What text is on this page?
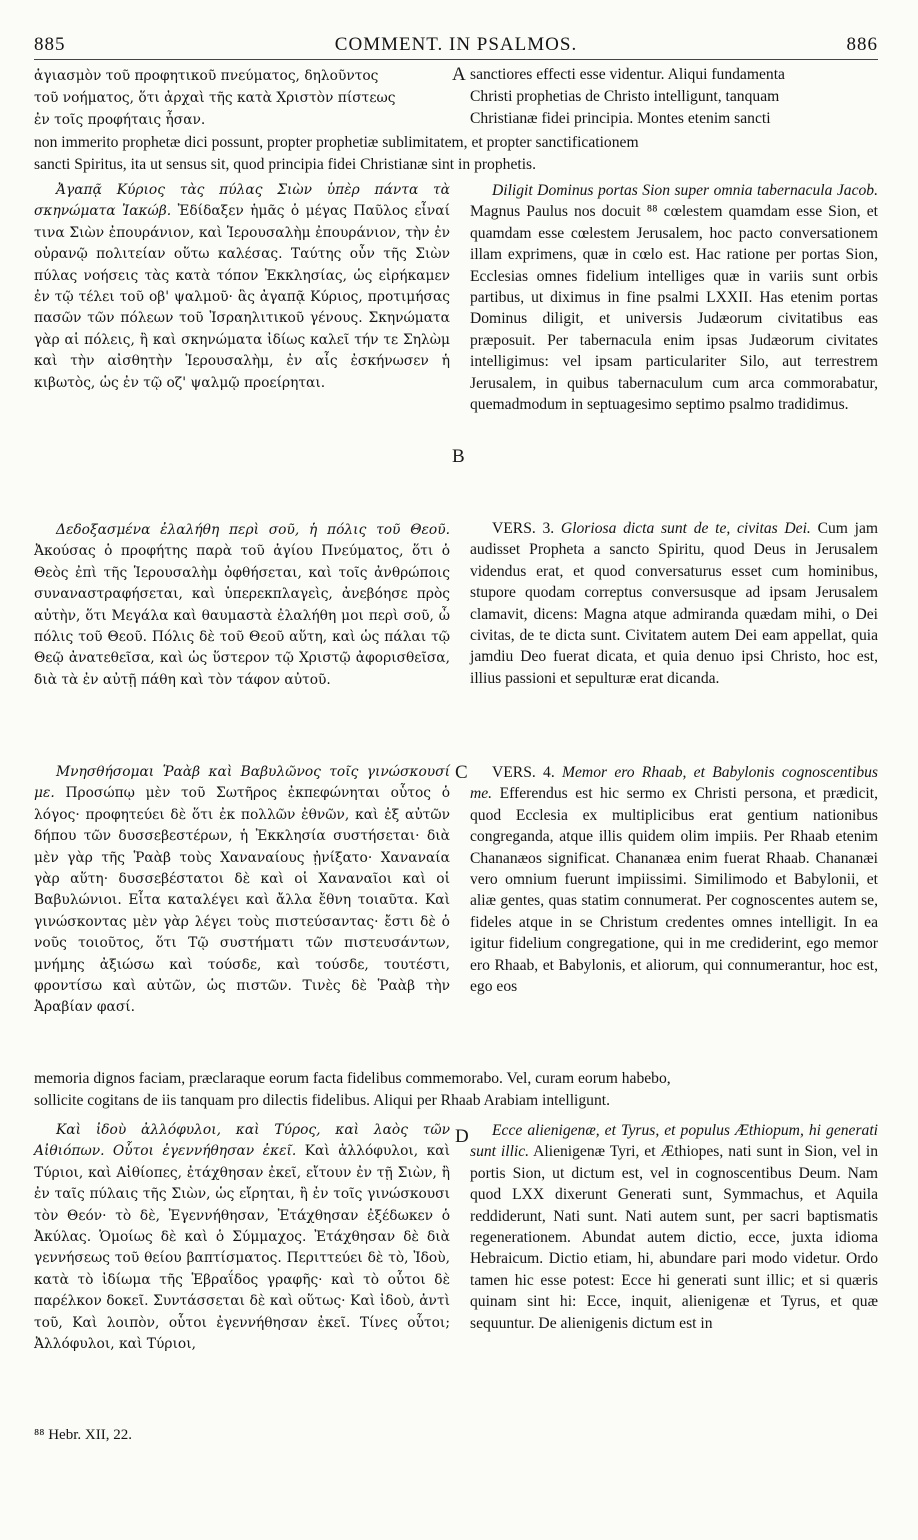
885	COMMENT. IN PSALMOS.	886
ἁγιασμὸν τοῦ προφητικοῦ πνεύματος, δηλοῦντος
τοῦ νοήματος, ὅτι ἀρχαὶ τῆς κατὰ Χριστὸν πίστεως
ἐν τοῖς προφήταις ἦσαν.
sanctiores effecti esse videntur. Aliqui fundamenta
Christi prophetias de Christo intelligunt, tanquam
Christianæ fidei principia. Montes etenim sancti
non immerito prophetæ dici possunt, propter prophetiæ sublimitatem, et propter sanctificationem
sancti Spiritus, ita ut sensus sit, quod principia fidei Christianæ sint in prophetis.
Ἀγαπᾷ Κύριος τὰς πύλας Σιὼν ὑπὲρ πάντα τὰ σκηνώματα Ἰακώβ. Ἐδίδαξεν ἡμᾶς ὁ μέγας Παῦλος εἶναί τινα Σιὼν ἐπουράνιον, καὶ Ἱερουσαλὴμ ἐπουράνιον, τὴν ἐν οὐρανῷ πολιτείαν οὕτω καλέσας. Ταύτης οὖν τῆς Σιὼν πύλας νοήσεις τὰς κατὰ τόπον Ἐκκλησίας, ὡς εἰρήκαμεν ἐν τῷ τέλει τοῦ οβ' ψαλμοῦ· ἃς ἀγαπᾷ Κύριος, προτιμήσας πασῶν τῶν πόλεων τοῦ Ἰσραηλιτικοῦ γένους. Σκηνώματα γὰρ αἱ πόλεις, ἢ καὶ σκηνώματα ἰδίως καλεῖ τήν τε Σηλὼμ καὶ τὴν αἰσθητὴν Ἱερουσαλὴμ, ἐν αἷς ἐσκήνωσεν ἡ κιβωτὸς, ὡς ἐν τῷ οζ' ψαλμῷ προείρηται.
Diligit Dominus portas Sion super omnia tabernacula Jacob. Magnus Paulus nos docuit ⁸⁸ cœlestem quamdam esse Sion, et quamdam esse cœlestem Jerusalem, hoc pacto conversationem illam exprimens, quæ in cœlo est. Hac ratione per portas Sion, Ecclesias omnes fidelium intelliges quæ in variis sunt orbis partibus, ut diximus in fine psalmi LXXII. Has etenim portas Dominus diligit, et universis Judæorum civitatibus eas præposuit. Per tabernacula enim ipsas Judæorum civitates intelligimus: vel ipsam particulariter Silo, aut terrestrem Jerusalem, in quibus tabernaculum cum arca commorabatur, quemadmodum in septuagesimo septimo psalmo tradidimus.
Δεδοξασμένα ἐλαλήθη περὶ σοῦ, ἡ πόλις τοῦ Θεοῦ. Ἀκούσας ὁ προφήτης παρὰ τοῦ ἁγίου Πνεύματος, ὅτι ὁ Θεὸς ἐπὶ τῆς Ἱερουσαλὴμ ὀφθήσεται, καὶ τοῖς ἀνθρώποις συναναστραφήσεται, καὶ ὑπερεκπλαγεὶς, ἀνεβόησε πρὸς αὐτὴν, ὅτι Μεγάλα καὶ θαυμαστὰ ἐλαλήθη μοι περὶ σοῦ, ὦ πόλις τοῦ Θεοῦ. Πόλις δὲ τοῦ Θεοῦ αὕτη, καὶ ὡς πάλαι τῷ Θεῷ ἀνατεθεῖσα, καὶ ὡς ὕστερον τῷ Χριστῷ ἀφορισθεῖσα, διὰ τὰ ἐν αὐτῇ πάθη καὶ τὸν τάφον αὐτοῦ.
VERS. 3. Gloriosa dicta sunt de te, civitas Dei. Cum jam audisset Propheta a sancto Spiritu, quod Deus in Jerusalem videndus erat, et quod conversaturus esset cum hominibus, stupore quodam correptus conversusque ad ipsam Jerusalem clamavit, dicens: Magna atque admiranda quædam mihi, o Dei civitas, de te dicta sunt. Civitatem autem Dei eam appellat, quia jamdiu Deo fuerat dicata, et quia denuo ipsi Christo, hoc est, illius passioni et sepulturæ erat dicanda.
Μνησθήσομαι Ῥαὰβ καὶ Βαβυλῶνος τοῖς γινώσκουσί με. Προσώπῳ μὲν τοῦ Σωτῆρος ἐκπεφώνηται οὗτος ὁ λόγος· προφητεύει δὲ ὅτι ἐκ πολλῶν ἐθνῶν, καὶ ἐξ αὐτῶν δήπου τῶν δυσσεβεστέρων, ἡ Ἐκκλησία συστήσεται· διὰ μὲν γὰρ τῆς Ῥαὰβ τοὺς Χαναναίους ᾐνίξατο· Χαναναία γὰρ αὕτη· δυσσεβέστατοι δὲ καὶ οἱ Χαναναῖοι καὶ οἱ Βαβυλώνιοι. Εἶτα καταλέγει καὶ ἄλλα ἔθνη τοιαῦτα. Καὶ γινώσκοντας μὲν γὰρ λέγει τοὺς πιστεύσαντας· ἔστι δὲ ὁ νοῦς τοιοῦτος, ὅτι Τῷ συστήματι τῶν πιστευσάντων, μνήμης ἀξιώσω καὶ τούσδε, καὶ τούσδε, τουτέστι, φροντίσω καὶ αὐτῶν, ὡς πιστῶν. Τινὲς δὲ Ῥαὰβ τὴν Ἀραβίαν φασί.
VERS. 4. Memor ero Rhaab, et Babylonis cognoscentibus me. Efferendus est hic sermo ex Christi persona, et prædicit, quod Ecclesia ex multiplicibus erat gentium nationibus congreganda, atque illis quidem olim impiis. Per Rhaab etenim Chananæos significat. Chananæa enim fuerat Rhaab. Chananæi vero omnium fuerunt impiissimi. Similimodo et Babylonii, et aliæ gentes, quas statim connumerat. Per cognoscentes autem se, fideles atque in se Christum credentes omnes intelligit. In ea igitur fidelium congregatione, qui in me crediderint, ego memor ero Rhaab, et Babylonis, et aliorum, qui connumerantur, hoc est, ego eos
memoria dignos faciam, præclaraque eorum facta fidelibus commemorabo. Vel, curam eorum habebo,
sollicite cogitans de iis tanquam pro dilectis fidelibus. Aliqui per Rhaab Arabiam intelligunt.
Καὶ ἰδοὺ ἀλλόφυλοι, καὶ Τύρος, καὶ λαὸς τῶν Αἰθιόπων. Οὗτοι ἐγεννήθησαν ἐκεῖ. Καὶ ἀλλόφυλοι, καὶ Τύριοι, καὶ Αἰθίοπες, ἐτάχθησαν ἐκεῖ, εἴτουν ἐν τῇ Σιὼν, ἢ ἐν ταῖς πύλαις τῆς Σιὼν, ὡς εἴρηται, ἢ ἐν τοῖς γινώσκουσι τὸν Θεόν· τὸ δὲ, Ἐγεννήθησαν, Ἐτάχθησαν ἐξέδωκεν ὁ Ἀκύλας. Ὁμοίως δὲ καὶ ὁ Σύμμαχος. Ἐτάχθησαν δὲ διὰ γεννήσεως τοῦ θείου βαπτίσματος. Περιττεύει δὲ τὸ, Ἰδοὺ, κατὰ τὸ ἰδίωμα τῆς Ἑβραΐδος γραφῆς· καὶ τὸ οὗτοι δὲ παρέλκον δοκεῖ. Συντάσσεται δὲ καὶ οὕτως· Καὶ ἰδοὺ, ἀντὶ τοῦ, Καὶ λοιπὸν, οὗτοι ἐγεννήθησαν ἐκεῖ. Τίνες οὗτοι; Ἀλλόφυλοι, καὶ Τύριοι,
Ecce alienigenæ, et Tyrus, et populus Æthiopum, hi generati sunt illic. Alienigenæ Tyri, et Æthiopes, nati sunt in Sion, vel in portis Sion, ut dictum est, vel in cognoscentibus Deum. Nam quod LXX dixerunt Generati sunt, Symmachus, et Aquila reddiderunt, Nati sunt. Nati autem sunt, per sacri baptismatis regenerationem. Abundat autem dictio, ecce, juxta idioma Hebraicum. Dictio etiam, hi, abundare pari modo videtur. Ordo tamen hic esse potest: Ecce hi generati sunt illic; et si quæris quinam sint hi: Ecce, inquit, alienigenæ et Tyrus, et quæ sequuntur. De alienigenis dictum est in
A
B
C
D
⁸⁸ Hebr. XII, 22.
